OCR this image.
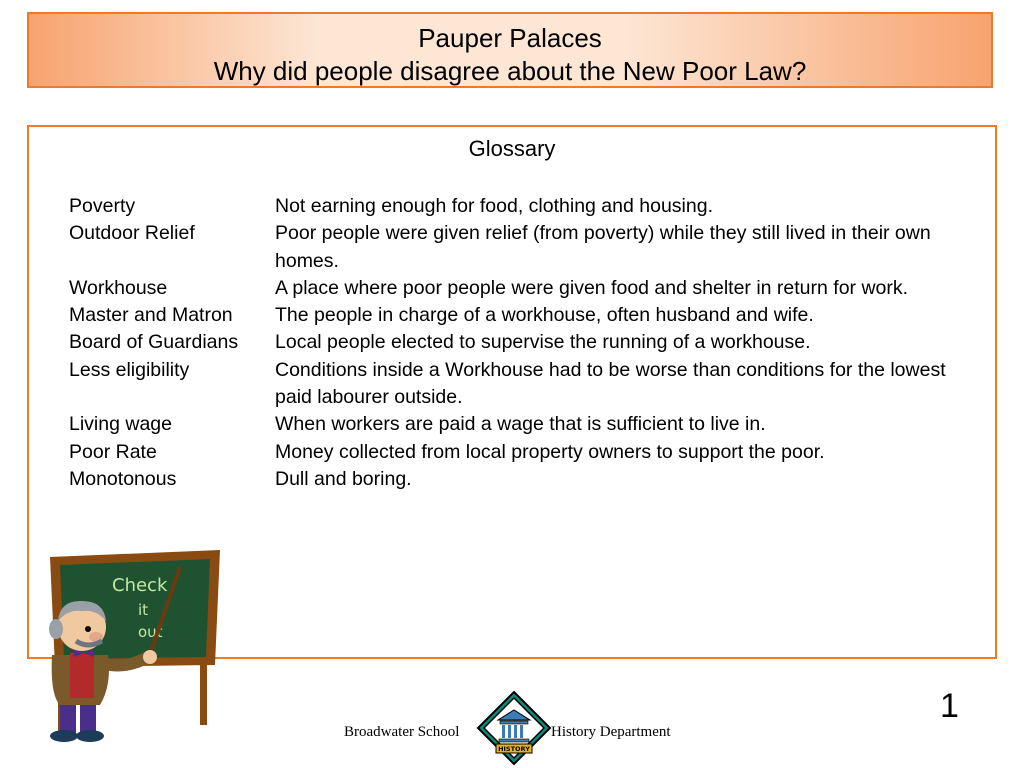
Pauper Palaces
Why did people disagree about the New Poor Law?
Glossary
Poverty	Not earning enough for food, clothing and housing.
Outdoor Relief	Poor people were given relief (from poverty) while they still lived in their own homes.
Workhouse	A place where poor people were given food and shelter in return for work.
Master and Matron	The people in charge of a workhouse, often husband and wife.
Board of Guardians	Local people elected to supervise the running of a workhouse.
Less eligibility	Conditions inside a Workhouse had to be worse than conditions for the lowest paid labourer outside.
Living wage	When workers are paid a wage that is sufficient to live in.
Poor Rate	Money collected from local property owners to support the poor.
Monotonous	Dull and boring.
Check
it
out
1
Broadwater School
HISTORY
History Department
